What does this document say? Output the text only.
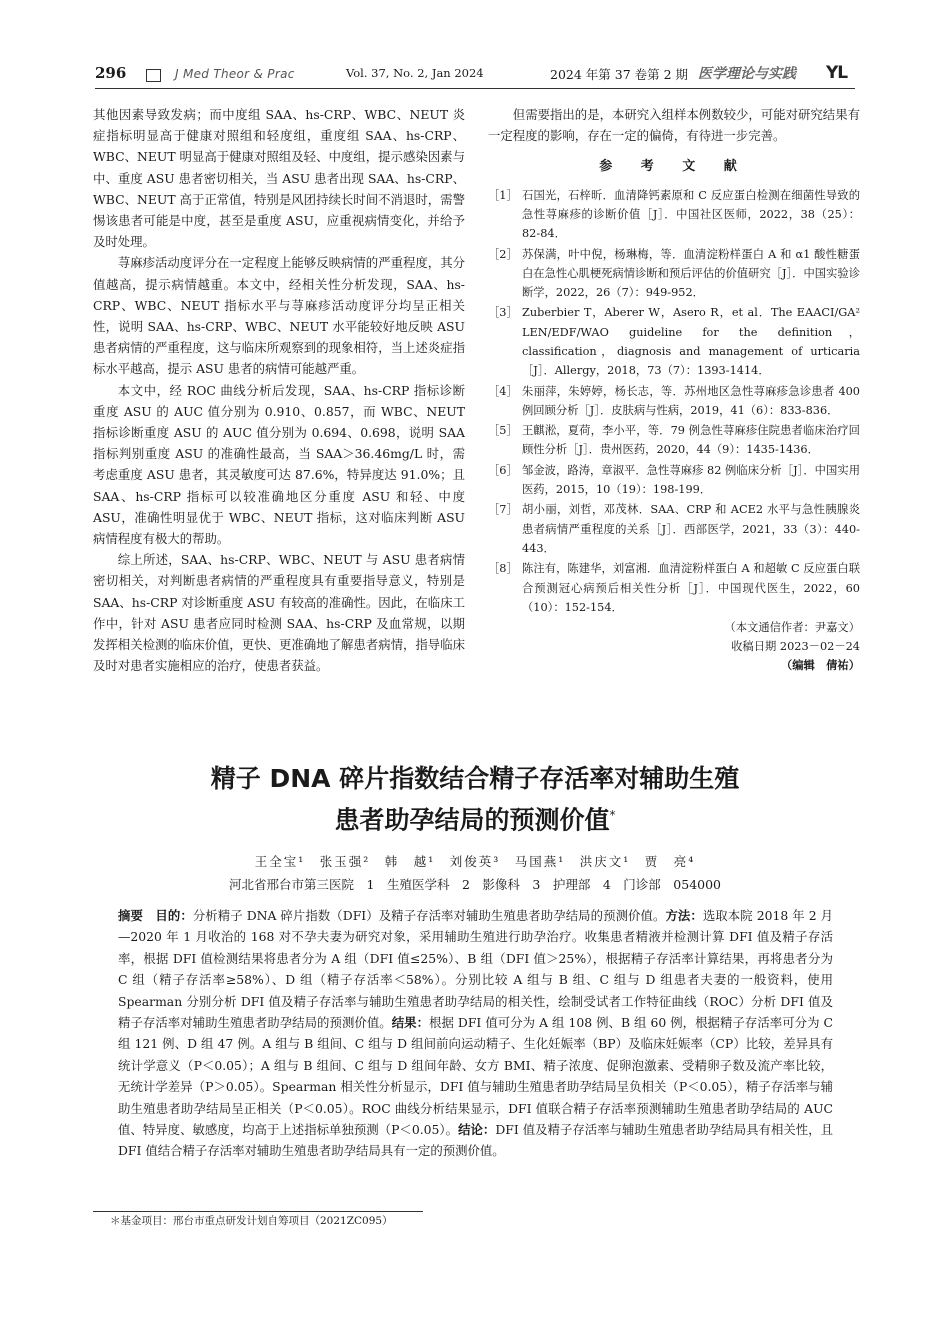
296	J Med Theor & Prac	Vol. 37, No. 2, Jan 2024	2024 年第 37 卷第 2 期 医学理论与实践 YL

其他因素导致发病；而中度组 SAA、hs-CRP、WBC、NEUT 炎症指标明显高于健康对照组和轻度组，重度组 SAA、hs-CRP、WBC、NEUT 明显高于健康对照组及轻、中度组，提示感染因素与中、重度 ASU 患者密切相关，当 ASU 患者出现 SAA、hs-CRP、WBC、NEUT 高于正常值，特别是风团持续长时间不消退时，需警惕该患者可能是中度，甚至是重度 ASU，应重视病情变化，并给予及时处理。

荨麻疹活动度评分在一定程度上能够反映病情的严重程度，其分值越高，提示病情越重。本文中，经相关性分析发现，SAA、hs-CRP、WBC、NEUT 指标水平与荨麻疹活动度评分均呈正相关性，说明 SAA、hs-CRP、WBC、NEUT 水平能较好地反映 ASU 患者病情的严重程度，这与临床所观察到的现象相符，当上述炎症指标水平越高，提示 ASU 患者的病情可能越严重。

本文中，经 ROC 曲线分析后发现，SAA、hs-CRP 指标诊断重度 ASU 的 AUC 值分别为 0.910、0.857，而 WBC、NEUT 指标诊断重度 ASU 的 AUC 值分别为 0.694、0.698，说明 SAA 指标判别重度 ASU 的准确性最高，当 SAA＞36.46mg/L 时，需考虑重度 ASU 患者，其灵敏度可达 87.6%，特异度达 91.0%；且 SAA、hs-CRP 指标可以较准确地区分重度 ASU 和轻、中度 ASU，准确性明显优于 WBC、NEUT 指标，这对临床判断 ASU 病情程度有极大的帮助。

综上所述，SAA、hs-CRP、WBC、NEUT 与 ASU 患者病情密切相关，对判断患者病情的严重程度具有重要指导意义，特别是 SAA、hs-CRP 对诊断重度 ASU 有较高的准确性。因此，在临床工作中，针对 ASU 患者应同时检测 SAA、hs-CRP 及血常规，以期发挥相关检测的临床价值，更快、更准确地了解患者病情，指导临床及时对患者实施相应的治疗，使患者获益。

但需要指出的是，本研究入组样本例数较少，可能对研究结果有一定程度的影响，存在一定的偏倚，有待进一步完善。

参 考 文 献
［1］ 石国光，石梓昕．血清降钙素原和 C 反应蛋白检测在细菌性导致的急性荨麻疹的诊断价值［J］．中国社区医师，2022，38（25）：82-84．
［2］ 苏保满，叶中倪，杨琳梅，等．血清淀粉样蛋白 A 和 α1 酸性糖蛋白在急性心肌梗死病情诊断和预后评估的价值研究［J］．中国实验诊断学，2022，26（7）：949-952．
［3］ Zuberbier T，Aberer W，Asero R，et al．The EAACI/GA² LEN/EDF/WAO guideline for the definition，classification，diagnosis and management of urticaria［J］．Allergy，2018，73（7）：1393-1414．
［4］ 朱丽萍，朱婷婷，杨长志，等．苏州地区急性荨麻疹急诊患者 400 例回顾分析［J］．皮肤病与性病，2019，41（6）：833-836．
［5］ 王麒淞，夏荷，李小平，等．79 例急性荨麻疹住院患者临床治疗回顾性分析［J］．贵州医药，2020，44（9）：1435-1436．
［6］ 邹金波，路涛，章淑平．急性荨麻疹 82 例临床分析［J］．中国实用医药，2015，10（19）：198-199．
［7］ 胡小丽，刘哲，邓茂林．SAA、CRP 和 ACE2 水平与急性胰腺炎患者病情严重程度的关系［J］．西部医学，2021，33（3）：440-443．
［8］ 陈注有，陈建华，刘富湘．血清淀粉样蛋白 A 和超敏 C 反应蛋白联合预测冠心病预后相关性分析［J］．中国现代医生，2022，60（10）：152-154．
（本文通信作者：尹嘉文）
收稿日期 2023－02－24
（编辑　倩祐）
精子 DNA 碎片指数结合精子存活率对辅助生殖
患者助孕结局的预测价值*
王全宝¹　张玉强²　韩　越¹　刘俊英³　马国燕¹　洪庆文¹　贾　亮⁴
河北省邢台市第三医院　1　生殖医学科　2　影像科　3　护理部　4　门诊部　054000
摘要　 目的：分析精子 DNA 碎片指数（DFI）及精子存活率对辅助生殖患者助孕结局的预测价值。方法：选取本院 2018 年 2 月—2020 年 1 月收治的 168 对不孕夫妻为研究对象，采用辅助生殖进行助孕治疗。收集患者精液并检测计算 DFI 值及精子存活率，根据 DFI 值检测结果将患者分为 A 组（DFI 值≤25%）、B 组（DFI 值＞25%），根据精子存活率计算结果，再将患者分为 C 组（精子存活率≥58%）、D 组（精子存活率＜58%）。分别比较 A 组与 B 组、C 组与 D 组患者夫妻的一般资料，使用 Spearman 分别分析 DFI 值及精子存活率与辅助生殖患者助孕结局的相关性，绘制受试者工作特征曲线（ROC）分析 DFI 值及精子存活率对辅助生殖患者助孕结局的预测价值。结果：根据 DFI 值可分为 A 组 108 例、B 组 60 例，根据精子存活率可分为 C 组 121 例、D 组 47 例。A 组与 B 组间、C 组与 D 组间前向运动精子、生化妊娠率（BP）及临床妊娠率（CP）比较，差异具有统计学意义（P＜0.05）；A 组与 B 组间、C 组与 D 组间年龄、女方 BMI、精子浓度、促卵泡激素、受精卵子数及流产率比较，无统计学差异（P＞0.05）。Spearman 相关性分析显示，DFI 值与辅助生殖患者助孕结局呈负相关（P＜0.05），精子存活率与辅助生殖患者助孕结局呈正相关（P＜0.05）。ROC 曲线分析结果显示，DFI 值联合精子存活率预测辅助生殖患者助孕结局的 AUC 值、特异度、敏感度，均高于上述指标单独预测（P＜0.05）。结论：DFI 值及精子存活率与辅助生殖患者助孕结局具有相关性，且 DFI 值结合精子存活率对辅助生殖患者助孕结局具有一定的预测价值。
＊基金项目：邢台市重点研发计划自筹项目（2021ZC095）
